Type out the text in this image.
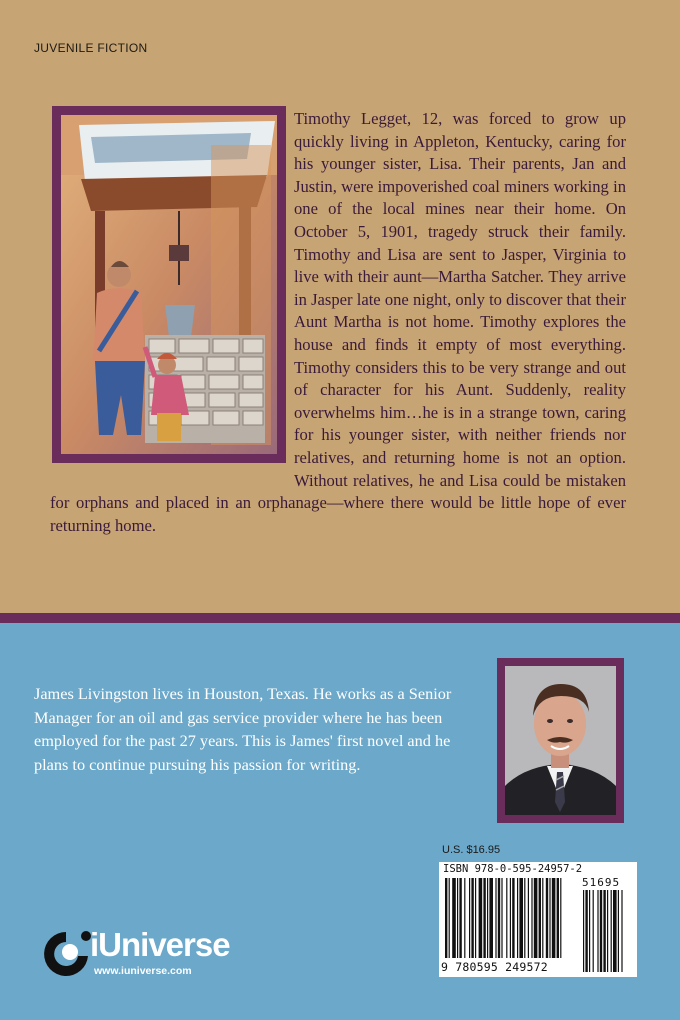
JUVENILE FICTION

Timothy Legget, 12, was forced to grow up quickly living in Appleton, Kentucky, caring for his younger sister, Lisa. Their parents, Jan and Justin, were impoverished coal miners working in one of the local mines near their home. On October 5, 1901, tragedy struck their family. Timothy and Lisa are sent to Jasper, Virginia to live with their aunt—Martha Satcher. They arrive in Jasper late one night, only to discover that their Aunt Martha is not home. Timothy explores the house and finds it empty of most everything. Timothy considers this to be very strange and out of character for his Aunt. Suddenly, reality overwhelms him…he is in a strange town, caring for his younger sister, with neither friends nor relatives, and returning home is not an option. Without relatives, he and Lisa could be mistaken for orphans and placed in an orphanage—where there would be little hope of ever returning home.

James Livingston lives in Houston, Texas. He works as a Senior Manager for an oil and gas service provider where he has been employed for the past 27 years. This is James' first novel and he plans to continue pursuing his passion for writing.

U.S. $16.95
ISBN 978-0-595-24957-2
51695
9 780595 249572
iUniverse
www.iuniverse.com
